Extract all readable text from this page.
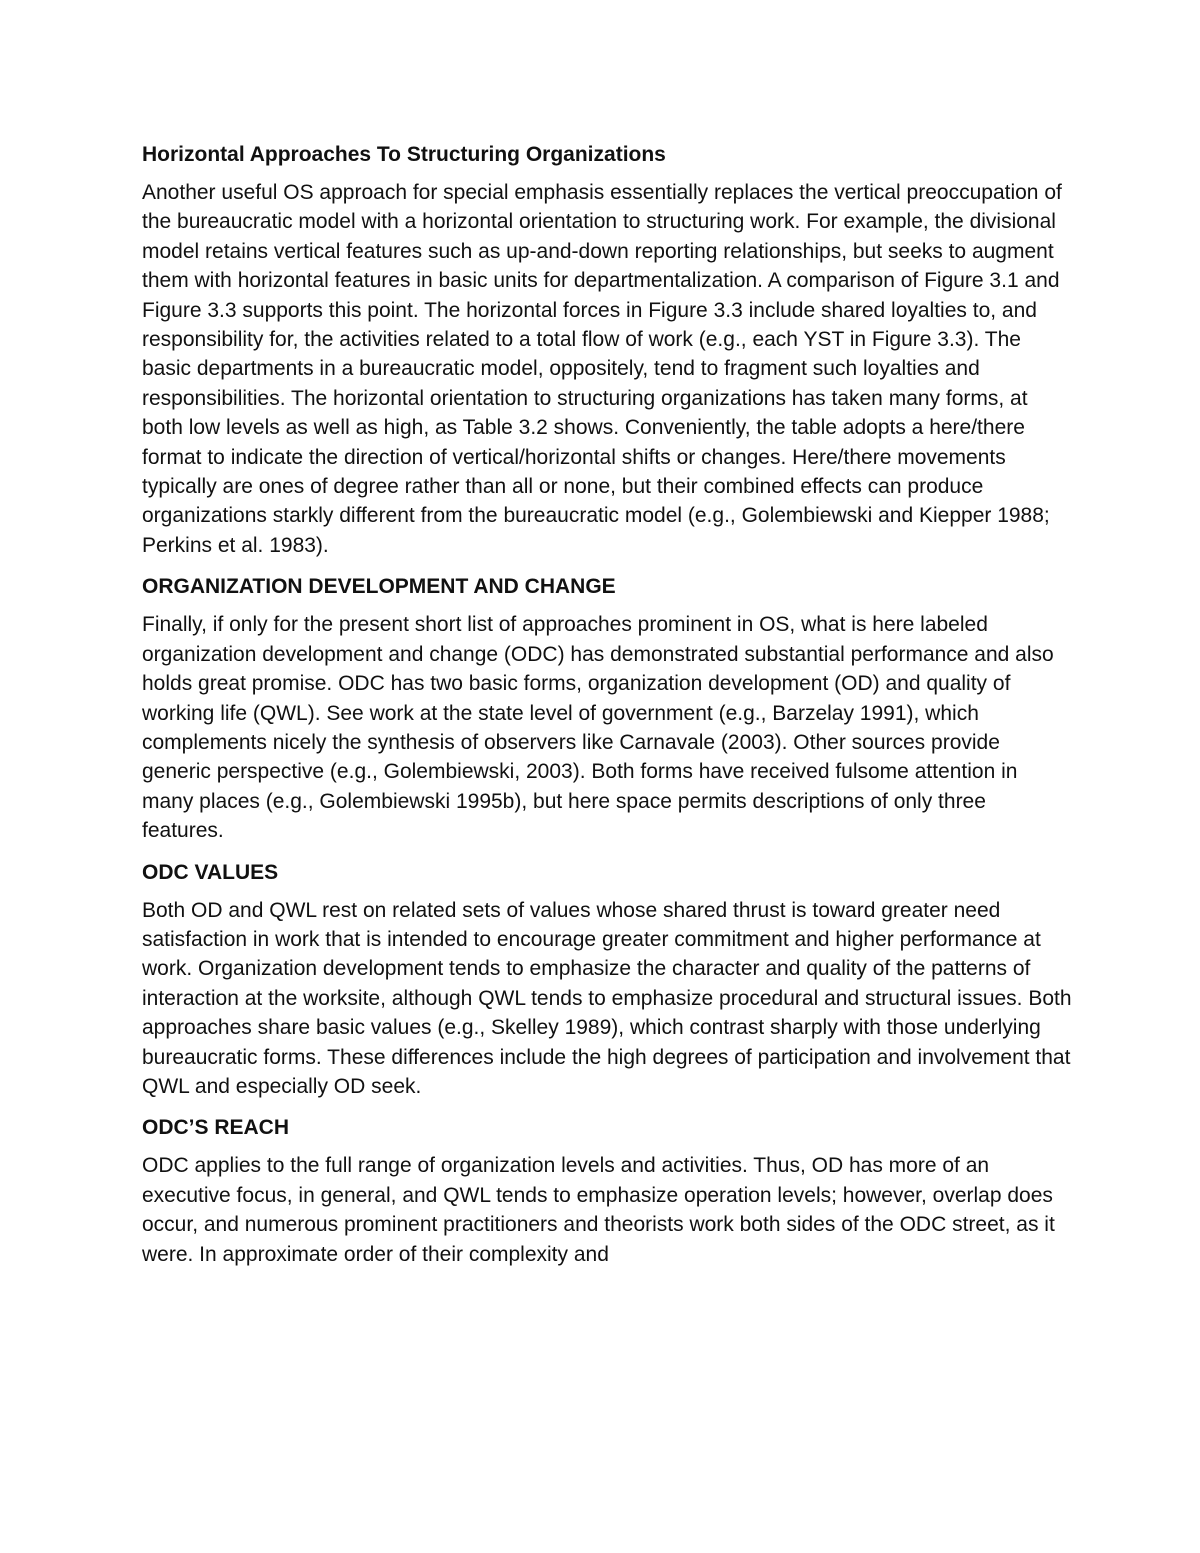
Horizontal Approaches To Structuring Organizations
Another useful OS approach for special emphasis essentially replaces the vertical preoccupation of the bureaucratic model with a horizontal orientation to structuring work. For example, the divisional model retains vertical features such as up-and-down reporting relationships, but seeks to augment them with horizontal features in basic units for departmentalization. A comparison of Figure 3.1 and Figure 3.3 supports this point. The horizontal forces in Figure 3.3 include shared loyalties to, and responsibility for, the activities related to a total flow of work (e.g., each YST in Figure 3.3). The basic departments in a bureaucratic model, oppositely, tend to fragment such loyalties and responsibilities. The horizontal orientation to structuring organizations has taken many forms, at both low levels as well as high, as Table 3.2 shows. Conveniently, the table adopts a here/there format to indicate the direction of vertical/horizontal shifts or changes. Here/there movements typically are ones of degree rather than all or none, but their combined effects can produce organizations starkly different from the bureaucratic model (e.g., Golembiewski and Kiepper 1988; Perkins et al. 1983).
ORGANIZATION DEVELOPMENT AND CHANGE
Finally, if only for the present short list of approaches prominent in OS, what is here labeled organization development and change (ODC) has demonstrated substantial performance and also holds great promise. ODC has two basic forms, organization development (OD) and quality of working life (QWL). See work at the state level of government (e.g., Barzelay 1991), which complements nicely the synthesis of observers like Carnavale (2003). Other sources provide generic perspective (e.g., Golembiewski, 2003). Both forms have received fulsome attention in many places (e.g., Golembiewski 1995b), but here space permits descriptions of only three features.
ODC VALUES
Both OD and QWL rest on related sets of values whose shared thrust is toward greater need satisfaction in work that is intended to encourage greater commitment and higher performance at work. Organization development tends to emphasize the character and quality of the patterns of interaction at the worksite, although QWL tends to emphasize procedural and structural issues. Both approaches share basic values (e.g., Skelley 1989), which contrast sharply with those underlying bureaucratic forms. These differences include the high degrees of participation and involvement that QWL and especially OD seek.
ODC’S REACH
ODC applies to the full range of organization levels and activities. Thus, OD has more of an executive focus, in general, and QWL tends to emphasize operation levels; however, overlap does occur, and numerous prominent practitioners and theorists work both sides of the ODC street, as it were. In approximate order of their complexity and
